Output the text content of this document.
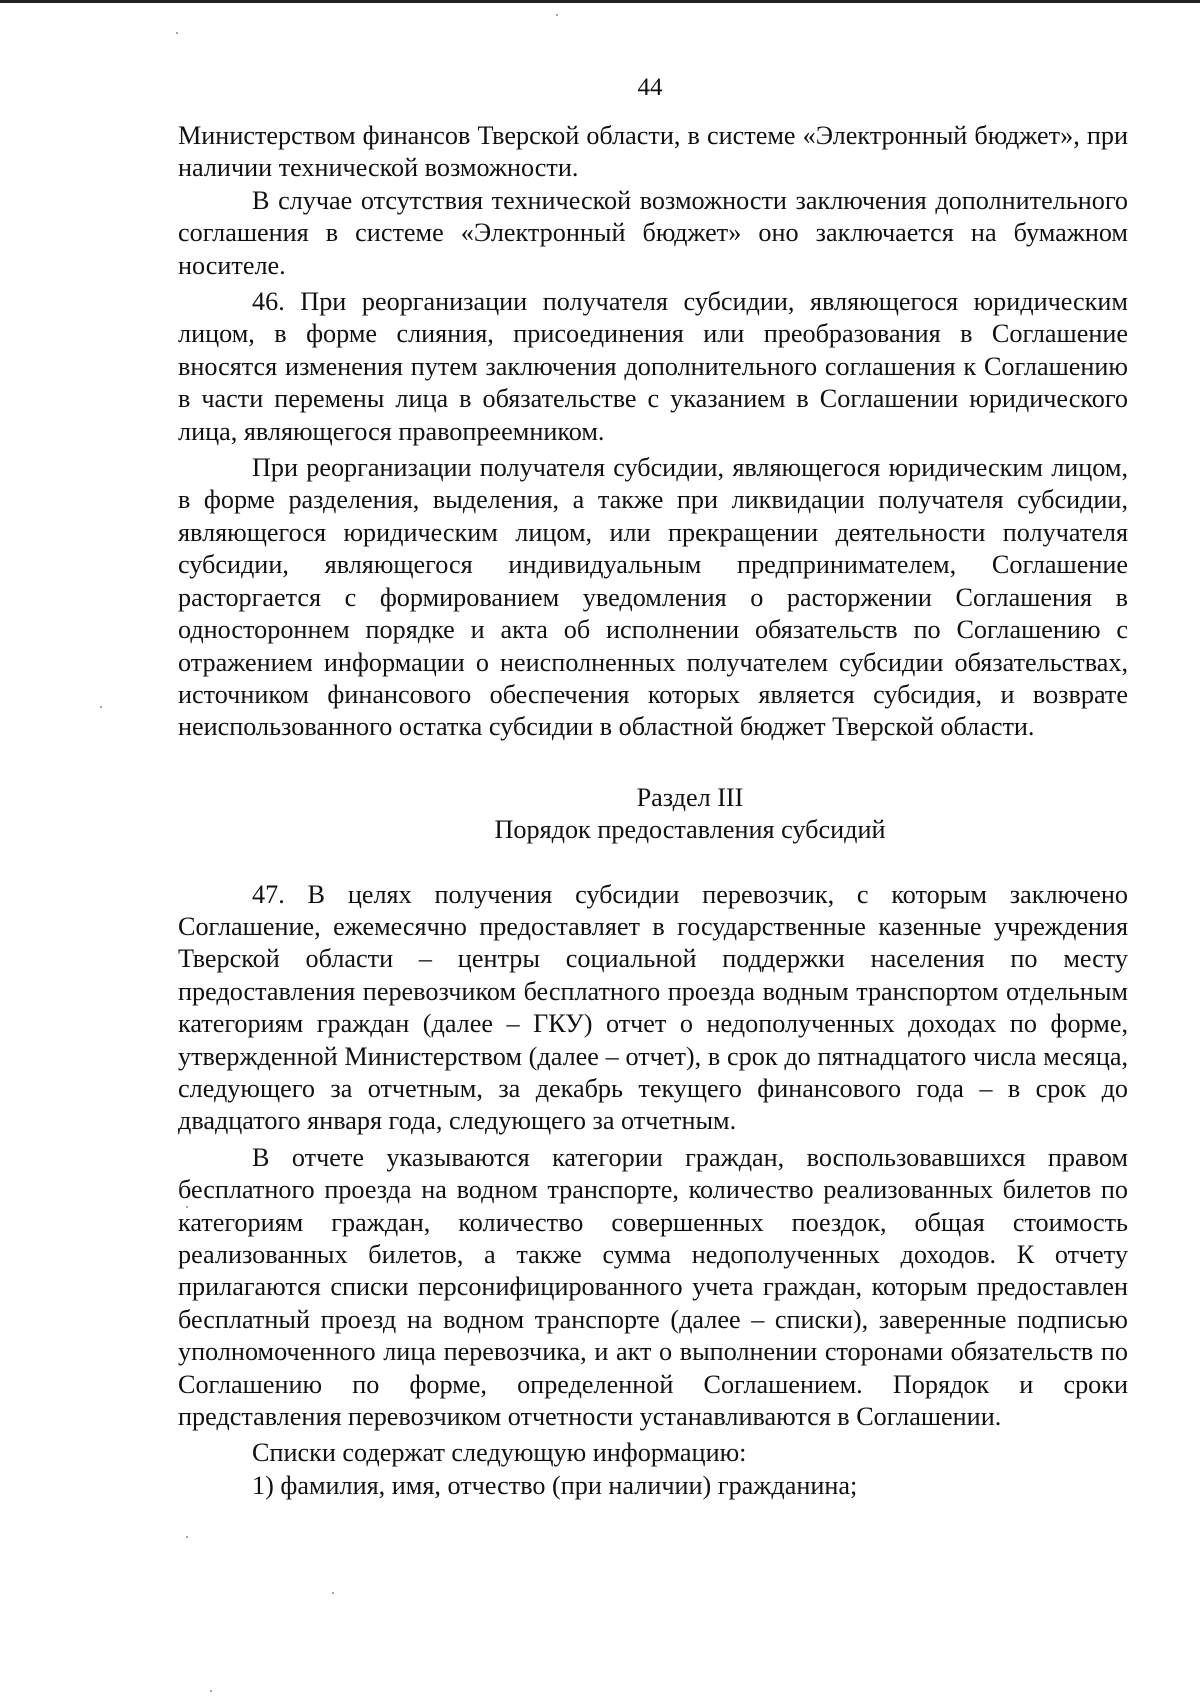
44

Министерством финансов Тверской области, в системе «Электронный бюджет», при наличии технической возможности.

В случае отсутствия технической возможности заключения дополнительного соглашения в системе «Электронный бюджет» оно заключается на бумажном носителе.

46. При реорганизации получателя субсидии, являющегося юридическим лицом, в форме слияния, присоединения или преобразования в Соглашение вносятся изменения путем заключения дополнительного соглашения к Соглашению в части перемены лица в обязательстве с указанием в Соглашении юридического лица, являющегося правопреемником.

При реорганизации получателя субсидии, являющегося юридическим лицом, в форме разделения, выделения, а также при ликвидации получателя субсидии, являющегося юридическим лицом, или прекращении деятельности получателя субсидии, являющегося индивидуальным предпринимателем, Соглашение расторгается с формированием уведомления о расторжении Соглашения в одностороннем порядке и акта об исполнении обязательств по Соглашению с отражением информации о неисполненных получателем субсидии обязательствах, источником финансового обеспечения которых является субсидия, и возврате неиспользованного остатка субсидии в областной бюджет Тверской области.

Раздел III

Порядок предоставления субсидий

47. В целях получения субсидии перевозчик, с которым заключено Соглашение, ежемесячно предоставляет в государственные казенные учреждения Тверской области – центры социальной поддержки населения по месту предоставления перевозчиком бесплатного проезда водным транспортом отдельным категориям граждан (далее – ГКУ) отчет о недополученных доходах по форме, утвержденной Министерством (далее – отчет), в срок до пятнадцатого числа месяца, следующего за отчетным, за декабрь текущего финансового года – в срок до двадцатого января года, следующего за отчетным.

В отчете указываются категории граждан, воспользовавшихся правом бесплатного проезда на водном транспорте, количество реализованных билетов по категориям граждан, количество совершенных поездок, общая стоимость реализованных билетов, а также сумма недополученных доходов. К отчету прилагаются списки персонифицированного учета граждан, которым предоставлен бесплатный проезд на водном транспорте (далее – списки), заверенные подписью уполномоченного лица перевозчика, и акт о выполнении сторонами обязательств по Соглашению по форме, определенной Соглашением. Порядок и сроки представления перевозчиком отчетности устанавливаются в Соглашении.

Списки содержат следующую информацию:

1) фамилия, имя, отчество (при наличии) гражданина;
